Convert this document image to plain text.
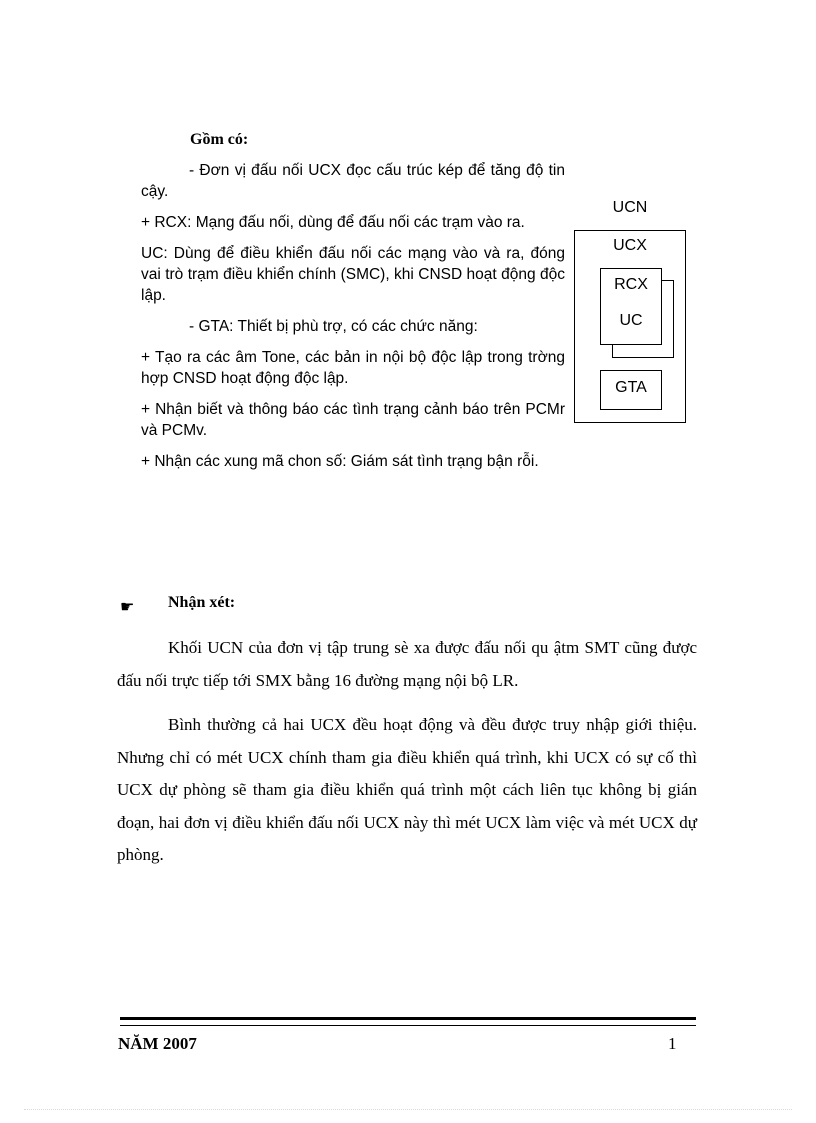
Gồm có:
- Đơn vị đấu nối UCX đọc cấu trúc kép để tăng độ tin cậy.
+ RCX: Mạng đấu nối, dùng để đấu nối các trạm vào ra.
UC: Dùng để điều khiển đấu nối các mạng vào và ra, đóng vai trò trạm điều khiển chính (SMC), khi CNSD hoạt động độc lập.
- GTA: Thiết bị phù trợ, có các chức năng:
+ Tạo ra các âm Tone, các bản in nội bộ độc lập trong trờng hợp CNSD hoạt động độc lập.
+ Nhận biết và thông báo các tình trạng cảnh báo trên PCMr và PCMv.
+ Nhận các xung mã chon số: Giám sát tình trạng bận rỗi.
UCN
UCX
RCX
UC
GTA
☛ Nhận xét:
Khối UCN của đơn vị tập trung sè xa được đấu nối qu ậtm SMT cũng được đấu nối trực tiếp tới SMX bằng 16 đường mạng nội bộ LR.
Bình thường cả hai UCX đều hoạt động và đều được truy nhập giới thiệu. Nhưng chỉ có mét UCX chính tham gia điều khiển quá trình, khi UCX có sự cố thì UCX dự phòng sẽ tham gia điều khiển quá trình một cách liên tục không bị gián đoạn, hai đơn vị điều khiển đấu nối UCX này thì mét UCX làm việc và mét UCX dự phòng.
NĂM 2007	1
